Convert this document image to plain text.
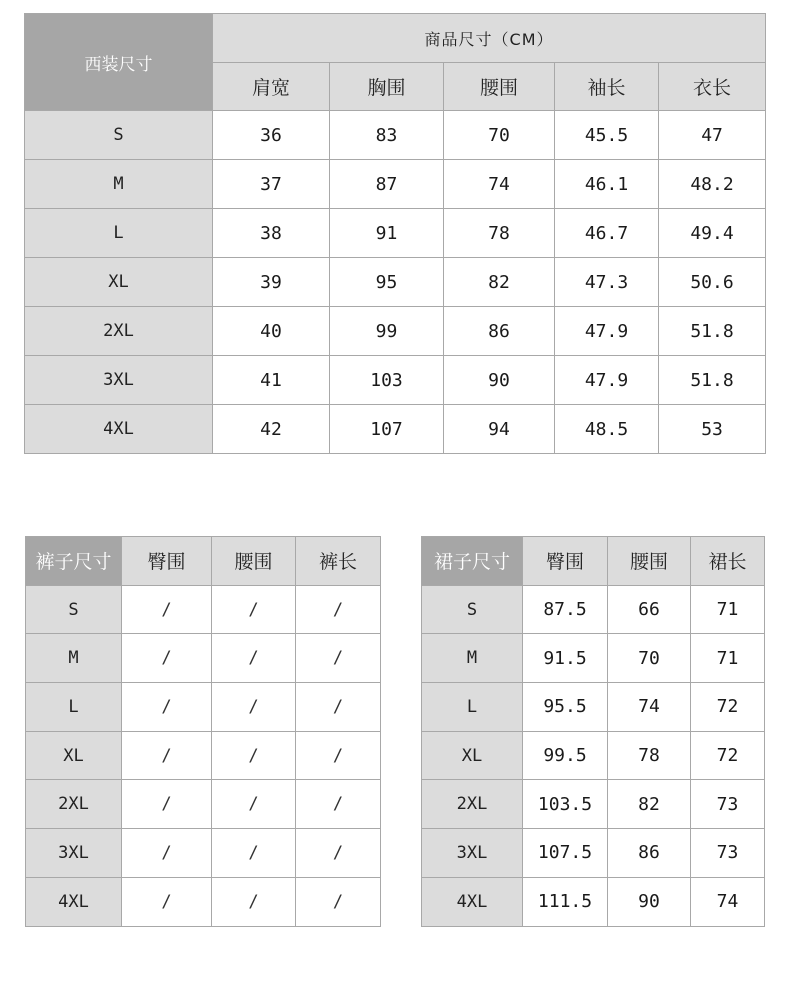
西装尺寸	商品尺寸（CM）				
	肩宽	胸围	腰围	袖长	衣长
S	36	83	70	45.5	47
M	37	87	74	46.1	48.2
L	38	91	78	46.7	49.4
XL	39	95	82	47.3	50.6
2XL	40	99	86	47.9	51.8
3XL	41	103	90	47.9	51.8
4XL	42	107	94	48.5	53
裤子尺寸	臀围	腰围	裤长
S	/	/	/
M	/	/	/
L	/	/	/
XL	/	/	/
2XL	/	/	/
3XL	/	/	/
4XL	/	/	/
裙子尺寸	臀围	腰围	裙长
S	87.5	66	71
M	91.5	70	71
L	95.5	74	72
XL	99.5	78	72
2XL	103.5	82	73
3XL	107.5	86	73
4XL	111.5	90	74
